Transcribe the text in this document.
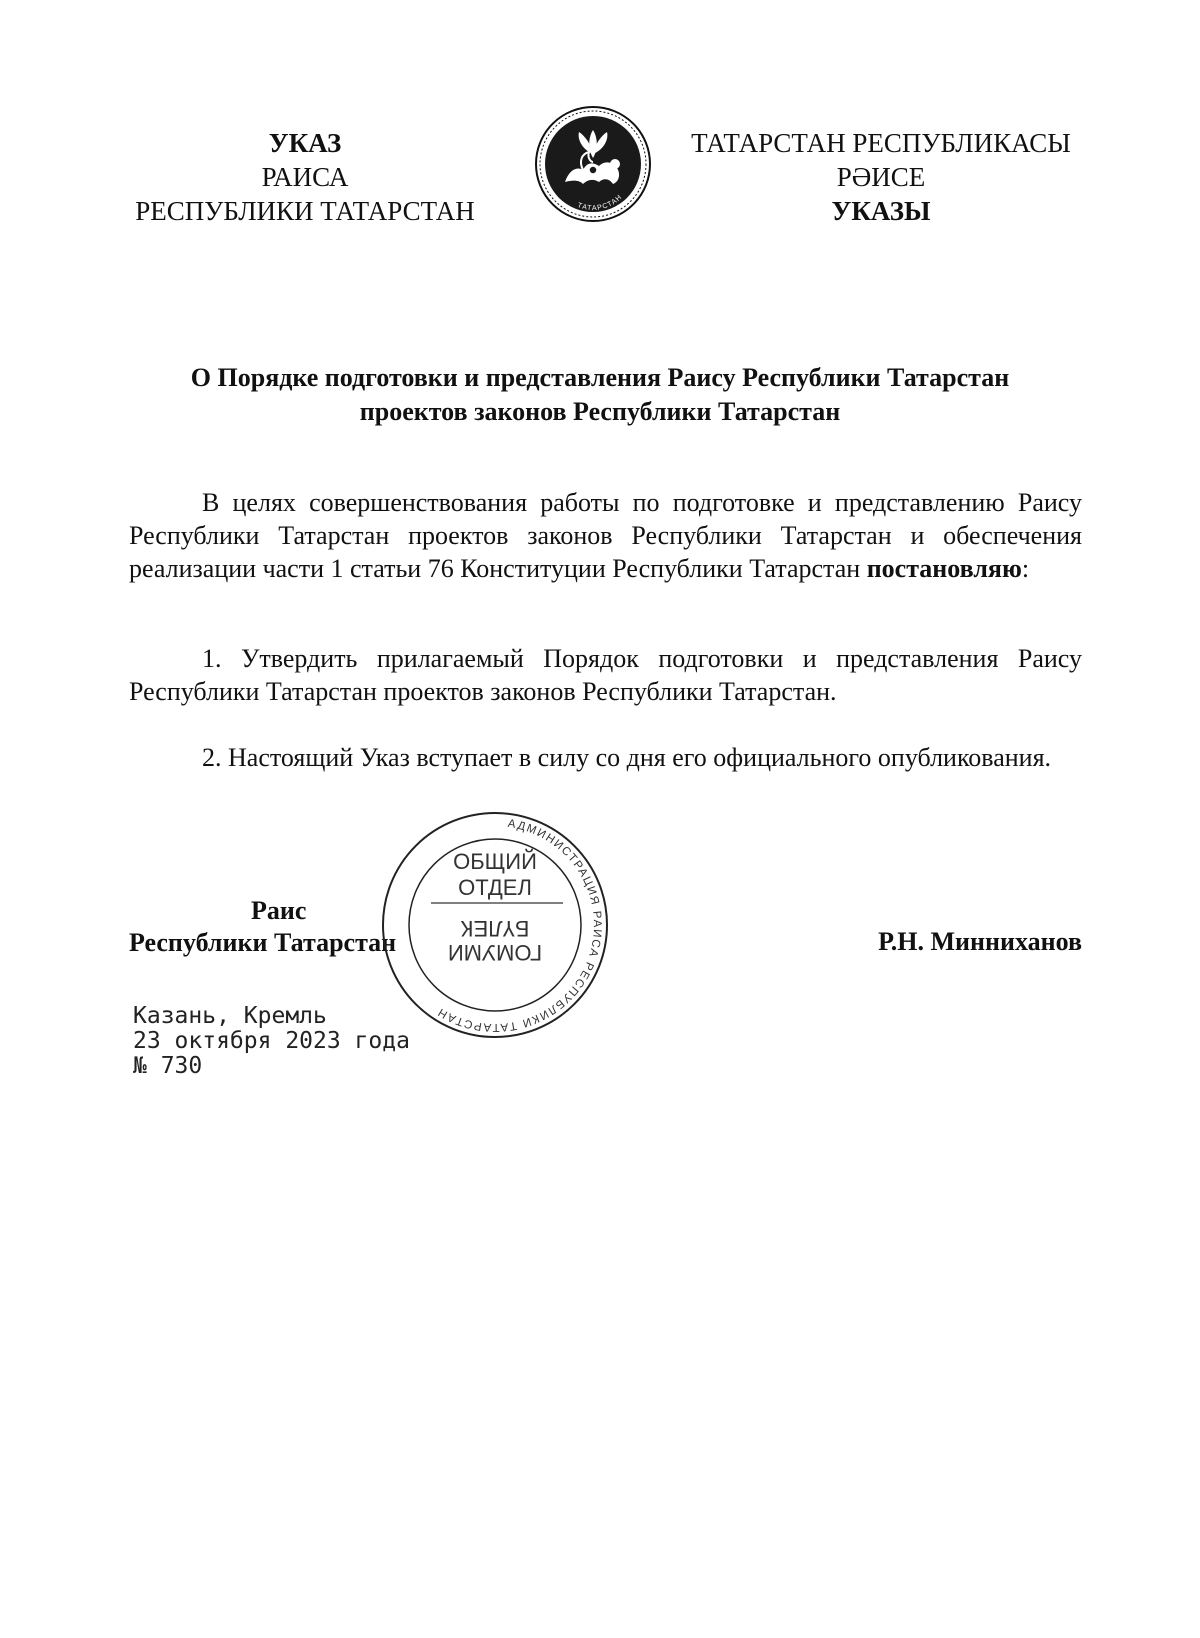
УКАЗ
РАИСА
РЕСПУБЛИКИ ТАТАРСТАН	ТАТАРСТАН
ТАТАРСТАН РЕСПУБЛИКАСЫ
РӘИСЕ
УКАЗЫ
О Порядке подготовки и представления Раису Республики Татарстан
проектов законов Республики Татарстан
В целях совершенствования работы по подготовке и представлению Раису Республики Татарстан проектов законов Республики Татарстан и обеспечения реализации части 1 статьи 76 Конституции Республики Татарстан постановляю:
1. Утвердить прилагаемый Порядок подготовки и представления Раису Республики Татарстан проектов законов Республики Татарстан.
2. Настоящий Указ вступает в силу со дня его официального опубликования.
Раис
Республики Татарстан	Р.Н. Минниханов
АДМИНИСТРАЦИЯ РАИСА РЕСПУБЛИКИ ТАТАРСТАН
ОБЩИЙ
ОТДЕЛ
БҮЛЕК
ГОМУМИ
Казань, Кремль
23 октября 2023 года
№ 730
